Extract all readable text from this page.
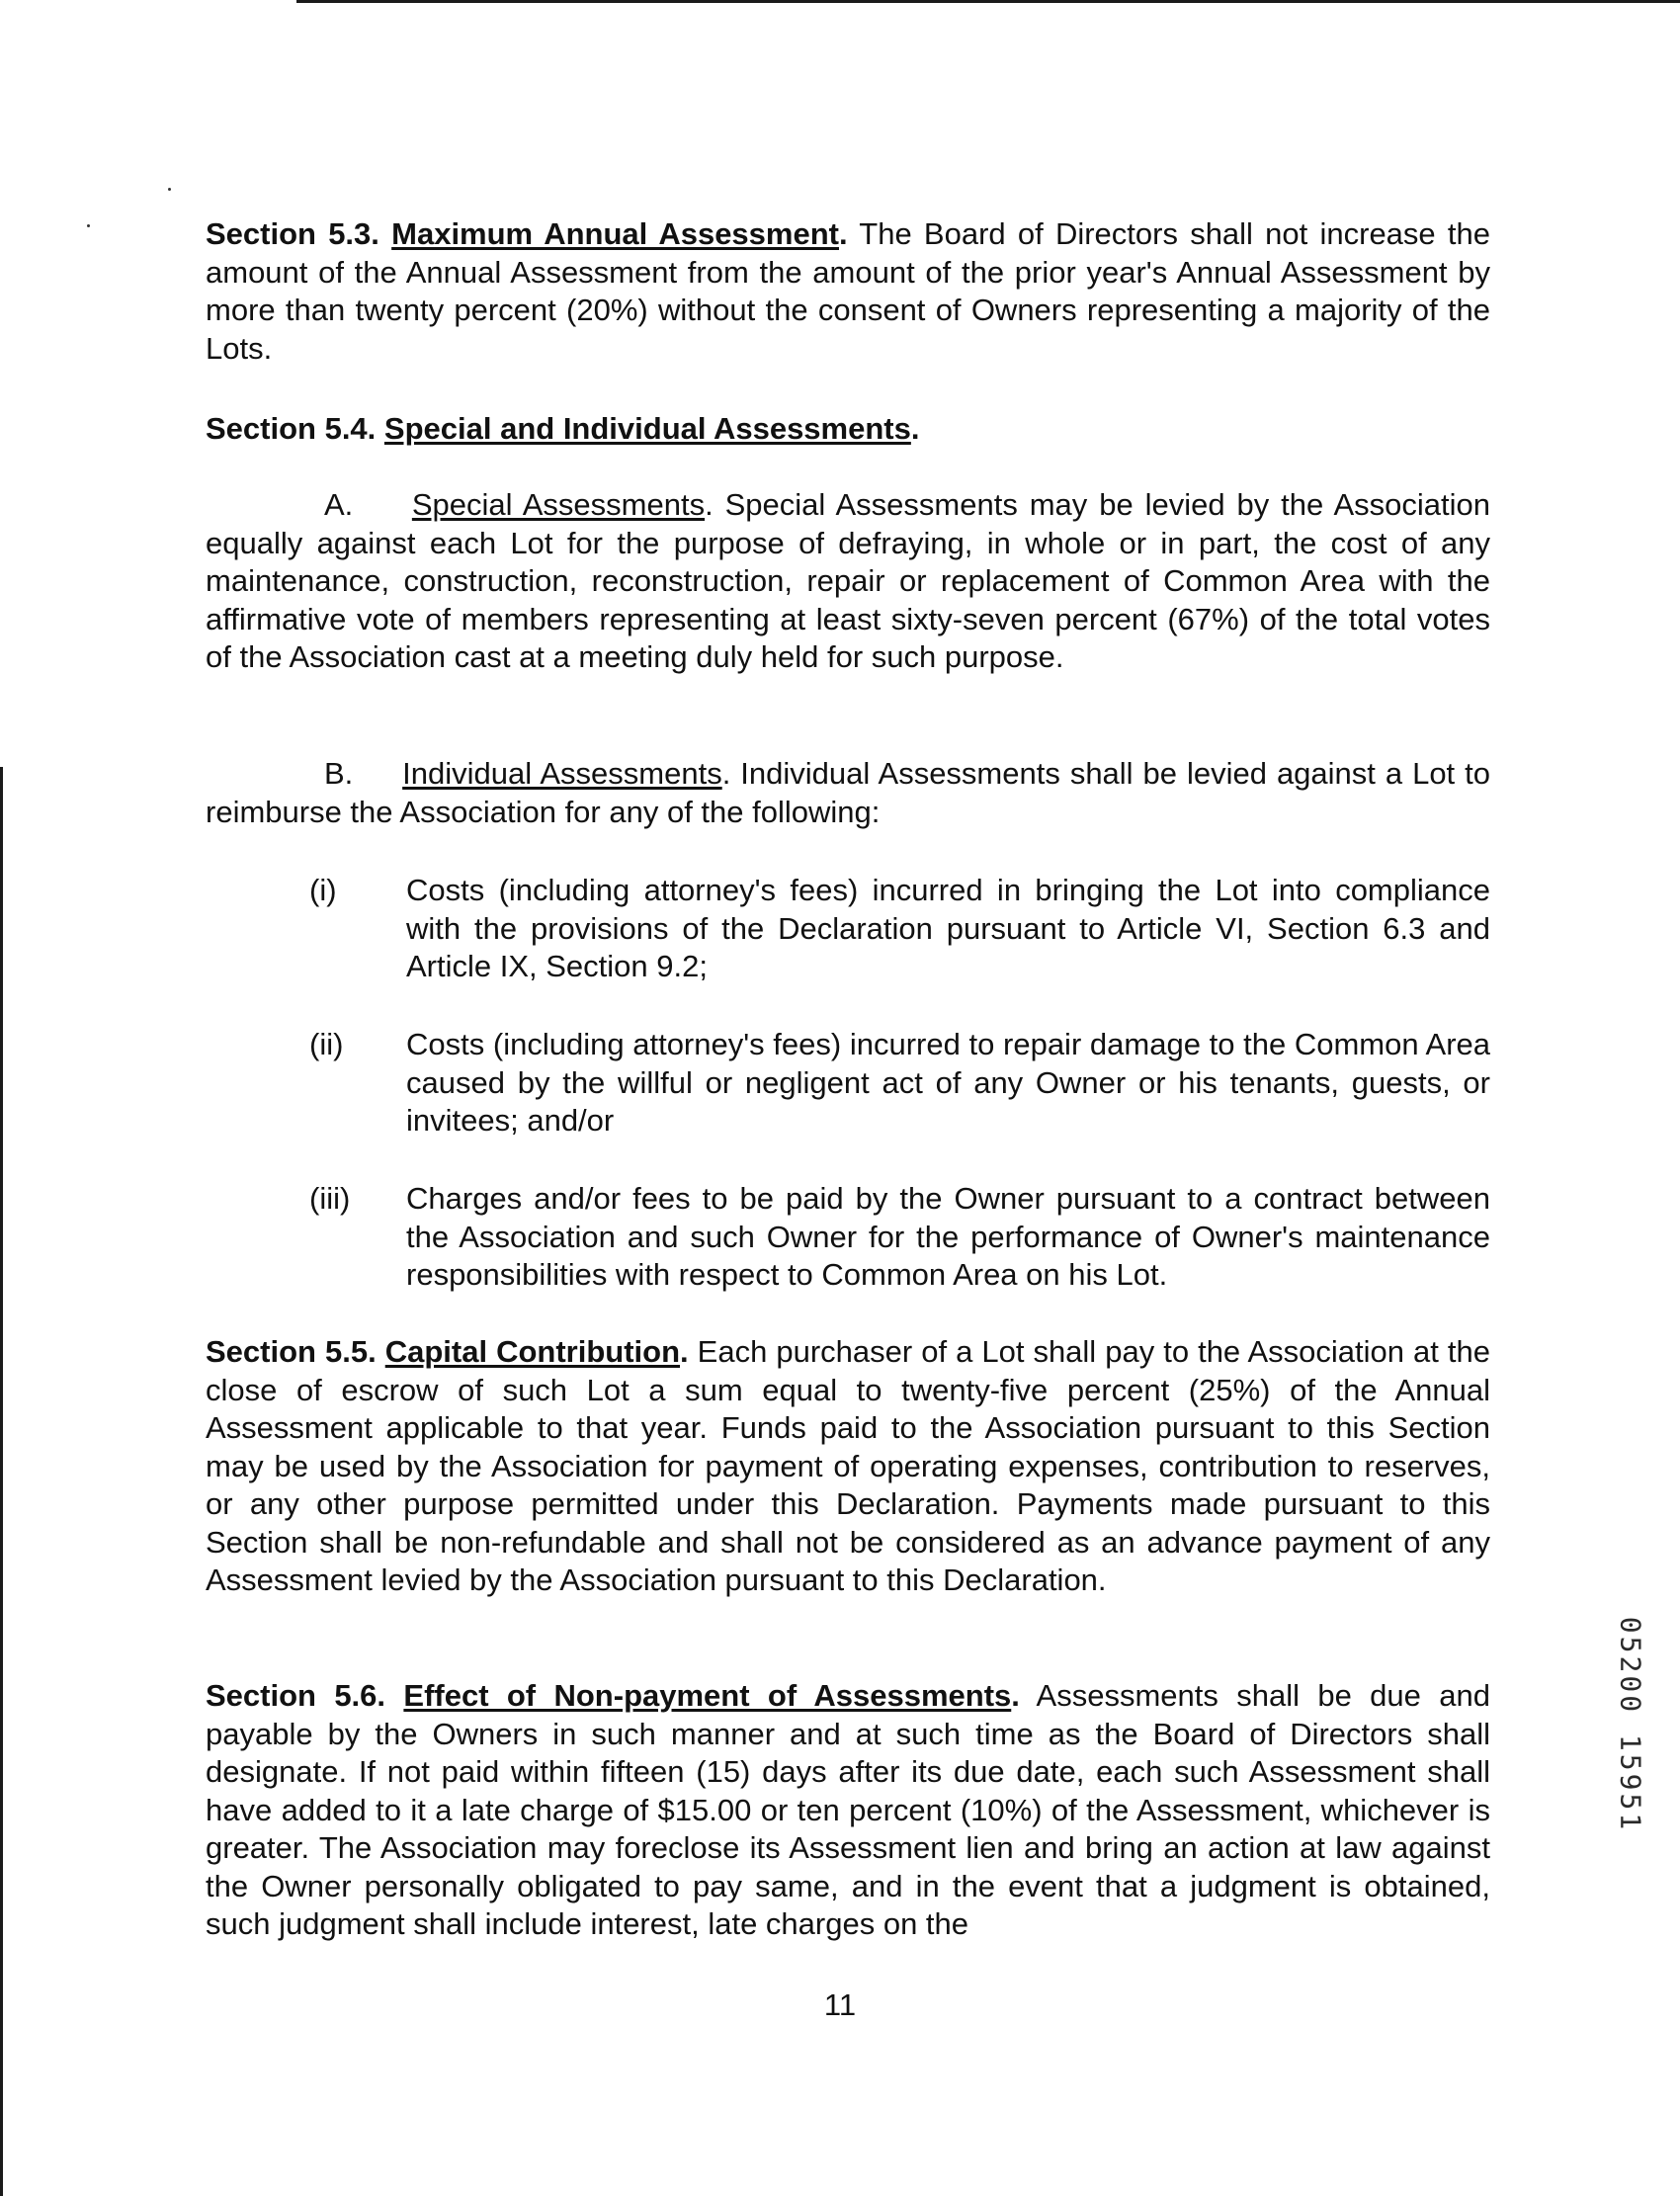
Section 5.3. Maximum Annual Assessment. The Board of Directors shall not increase the amount of the Annual Assessment from the amount of the prior year's Annual Assessment by more than twenty percent (20%) without the consent of Owners representing a majority of the Lots.

Section 5.4. Special and Individual Assessments.

A. Special Assessments. Special Assessments may be levied by the Association equally against each Lot for the purpose of defraying, in whole or in part, the cost of any maintenance, construction, reconstruction, repair or replacement of Common Area with the affirmative vote of members representing at least sixty-seven percent (67%) of the total votes of the Association cast at a meeting duly held for such purpose.

B. Individual Assessments. Individual Assessments shall be levied against a Lot to reimburse the Association for any of the following:

(i) Costs (including attorney's fees) incurred in bringing the Lot into compliance with the provisions of the Declaration pursuant to Article VI, Section 6.3 and Article IX, Section 9.2;

(ii) Costs (including attorney's fees) incurred to repair damage to the Common Area caused by the willful or negligent act of any Owner or his tenants, guests, or invitees; and/or

(iii) Charges and/or fees to be paid by the Owner pursuant to a contract between the Association and such Owner for the performance of Owner's maintenance responsibilities with respect to Common Area on his Lot.

Section 5.5. Capital Contribution. Each purchaser of a Lot shall pay to the Association at the close of escrow of such Lot a sum equal to twenty-five percent (25%) of the Annual Assessment applicable to that year. Funds paid to the Association pursuant to this Section may be used by the Association for payment of operating expenses, contribution to reserves, or any other purpose permitted under this Declaration. Payments made pursuant to this Section shall be non-refundable and shall not be considered as an advance payment of any Assessment levied by the Association pursuant to this Declaration.

Section 5.6. Effect of Non-payment of Assessments. Assessments shall be due and payable by the Owners in such manner and at such time as the Board of Directors shall designate. If not paid within fifteen (15) days after its due date, each such Assessment shall have added to it a late charge of $15.00 or ten percent (10%) of the Assessment, whichever is greater. The Association may foreclose its Assessment lien and bring an action at law against the Owner personally obligated to pay same, and in the event that a judgment is obtained, such judgment shall include interest, late charges on the

11
05200 15951
